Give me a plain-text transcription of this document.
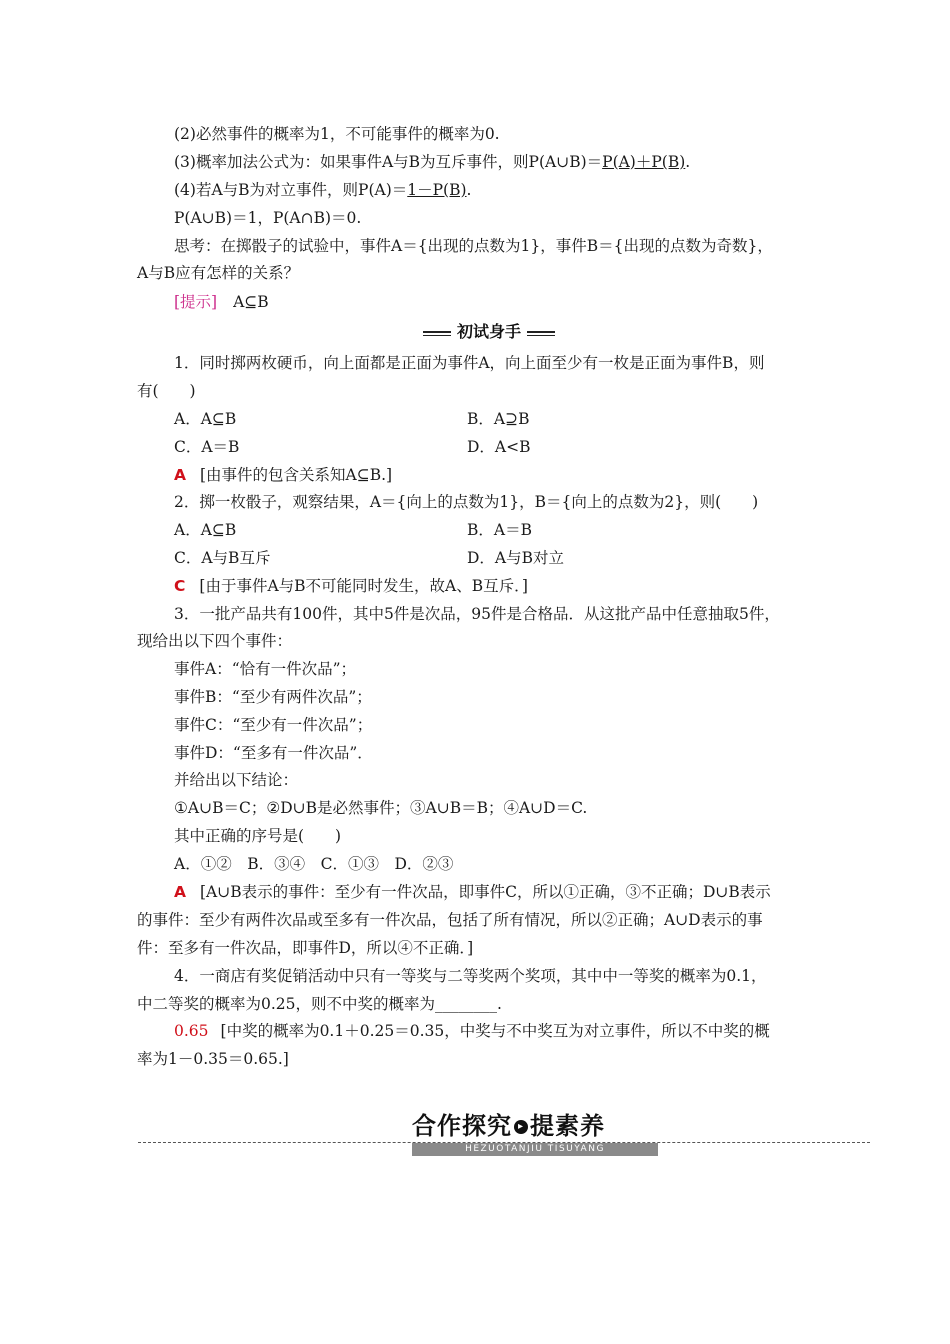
(2)必然事件的概率为1，不可能事件的概率为0.
(3)概率加法公式为：如果事件A与B为互斥事件，则P(A∪B)＝P(A)＋P(B).
(4)若A与B为对立事件，则P(A)＝1－P(B).
P(A∪B)＝1，P(A∩B)＝0.
思考：在掷骰子的试验中，事件A＝{出现的点数为1}，事件B＝{出现的点数为奇数}，
A与B应有怎样的关系？
[提示] A⊆B
初试身手
1．同时掷两枚硬币，向上面都是正面为事件A，向上面至少有一枚是正面为事件B，则
有(　　)
A．A⊆B	B．A⊇B
C．A＝B	D．A<B
A [由事件的包含关系知A⊆B.]
2．掷一枚骰子，观察结果，A＝{向上的点数为1}，B＝{向上的点数为2}，则(　　)
A．A⊆B	B．A＝B
C．A与B互斥	D．A与B对立
C [由于事件A与B不可能同时发生，故A、B互斥．]
3．一批产品共有100件，其中5件是次品，95件是合格品．从这批产品中任意抽取5件，
现给出以下四个事件：
事件A：“恰有一件次品”；
事件B：“至少有两件次品”；
事件C：“至少有一件次品”；
事件D：“至多有一件次品”．
并给出以下结论：
①A∪B＝C；②D∪B是必然事件；③A∪B＝B；④A∪D＝C.
其中正确的序号是(　　)
A．①②　B．③④　C．①③　D．②③
A [A∪B表示的事件：至少有一件次品，即事件C，所以①正确，③不正确；D∪B表示
的事件：至少有两件次品或至多有一件次品，包括了所有情况，所以②正确；A∪D表示的事
件：至多有一件次品，即事件D，所以④不正确．]
4．一商店有奖促销活动中只有一等奖与二等奖两个奖项，其中中一等奖的概率为0.1，
中二等奖的概率为0.25，则不中奖的概率为________.
0.65 [中奖的概率为0.1＋0.25＝0.35，中奖与不中奖互为对立事件，所以不中奖的概
率为1－0.35＝0.65.]
合作探究 ▸ 提素养
HEZUOTANJIU TISUYANG
